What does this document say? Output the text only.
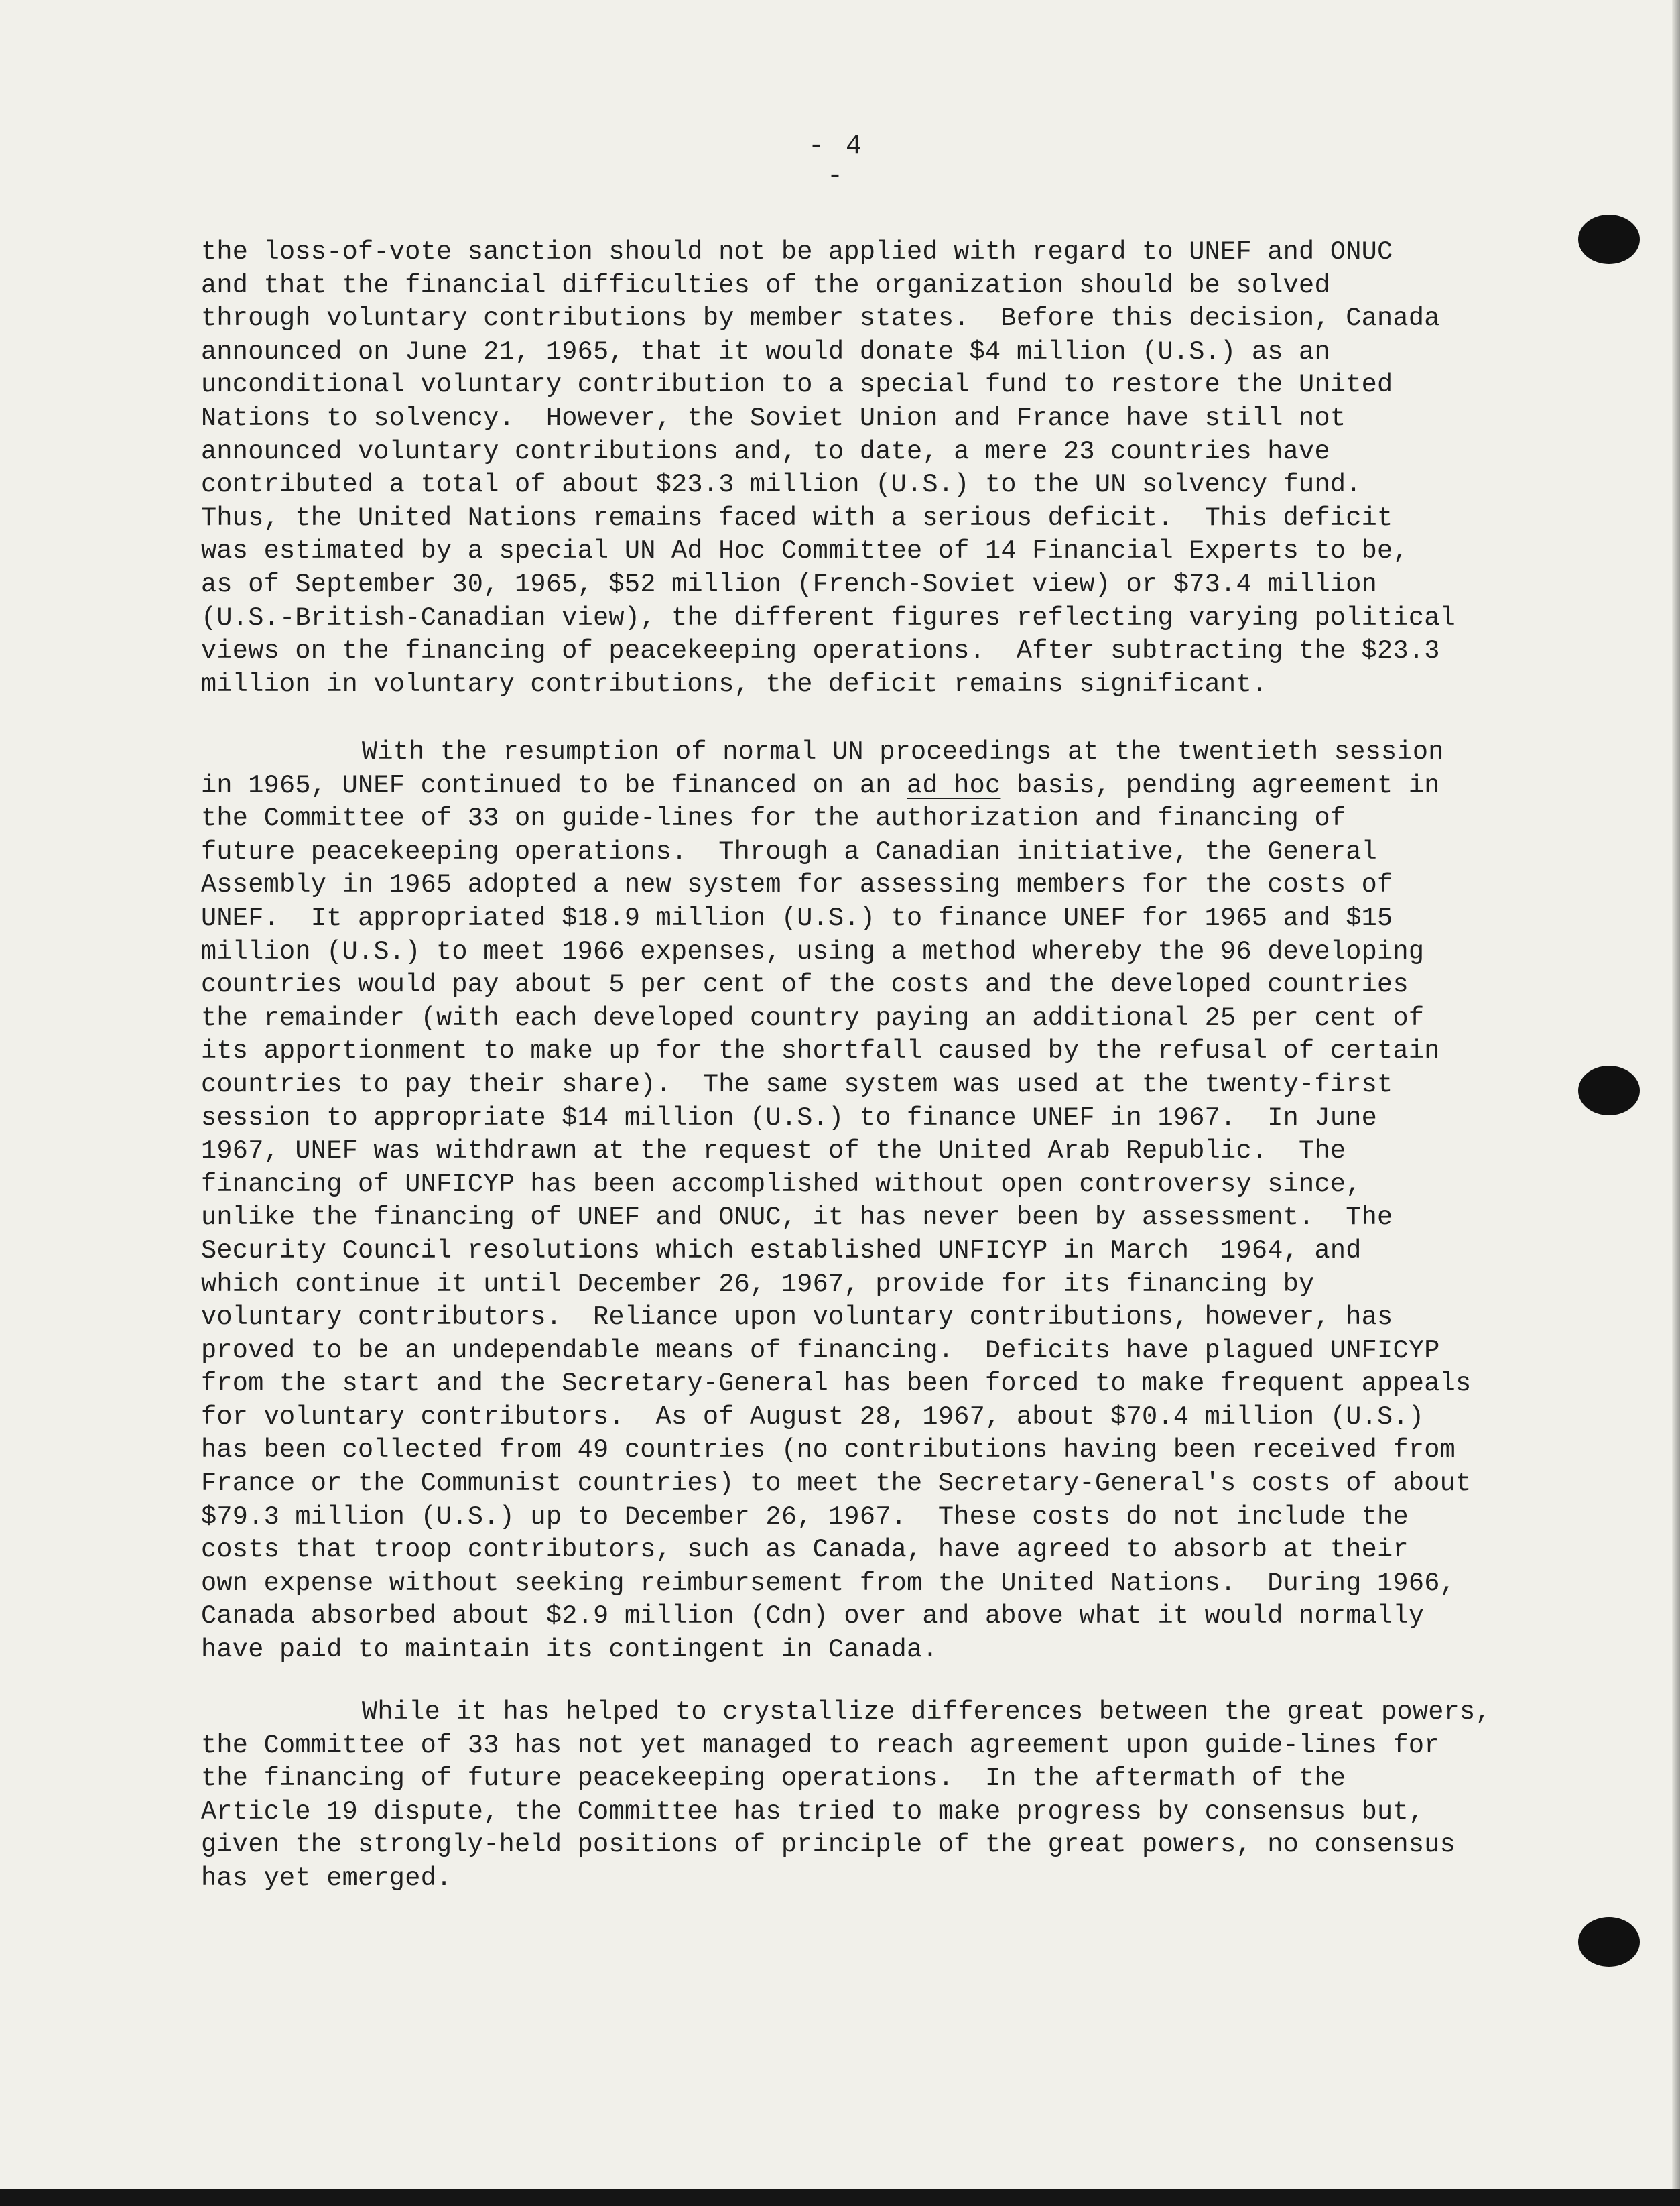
- 4 -
the loss-of-vote sanction should not be applied with regard to UNEF and ONUC
and that the financial difficulties of the organization should be solved
through voluntary contributions by member states.  Before this decision, Canada
announced on June 21, 1965, that it would donate $4 million (U.S.) as an
unconditional voluntary contribution to a special fund to restore the United
Nations to solvency.  However, the Soviet Union and France have still not
announced voluntary contributions and, to date, a mere 23 countries have
contributed a total of about $23.3 million (U.S.) to the UN solvency fund.
Thus, the United Nations remains faced with a serious deficit.  This deficit
was estimated by a special UN Ad Hoc Committee of 14 Financial Experts to be,
as of September 30, 1965, $52 million (French-Soviet view) or $73.4 million
(U.S.-British-Canadian view), the different figures reflecting varying political
views on the financing of peacekeeping operations.  After subtracting the $23.3
million in voluntary contributions, the deficit remains significant.
With the resumption of normal UN proceedings at the twentieth session
in 1965, UNEF continued to be financed on an ad hoc basis, pending agreement in
the Committee of 33 on guide-lines for the authorization and financing of
future peacekeeping operations.  Through a Canadian initiative, the General
Assembly in 1965 adopted a new system for assessing members for the costs of
UNEF.  It appropriated $18.9 million (U.S.) to finance UNEF for 1965 and $15
million (U.S.) to meet 1966 expenses, using a method whereby the 96 developing
countries would pay about 5 per cent of the costs and the developed countries
the remainder (with each developed country paying an additional 25 per cent of
its apportionment to make up for the shortfall caused by the refusal of certain
countries to pay their share).  The same system was used at the twenty-first
session to appropriate $14 million (U.S.) to finance UNEF in 1967.  In June
1967, UNEF was withdrawn at the request of the United Arab Republic.  The
financing of UNFICYP has been accomplished without open controversy since,
unlike the financing of UNEF and ONUC, it has never been by assessment.  The
Security Council resolutions which established UNFICYP in March  1964, and
which continue it until December 26, 1967, provide for its financing by
voluntary contributors.  Reliance upon voluntary contributions, however, has
proved to be an undependable means of financing.  Deficits have plagued UNFICYP
from the start and the Secretary-General has been forced to make frequent appeals
for voluntary contributors.  As of August 28, 1967, about $70.4 million (U.S.)
has been collected from 49 countries (no contributions having been received from
France or the Communist countries) to meet the Secretary-General's costs of about
$79.3 million (U.S.) up to December 26, 1967.  These costs do not include the
costs that troop contributors, such as Canada, have agreed to absorb at their
own expense without seeking reimbursement from the United Nations.  During 1966,
Canada absorbed about $2.9 million (Cdn) over and above what it would normally
have paid to maintain its contingent in Canada.
While it has helped to crystallize differences between the great powers,
the Committee of 33 has not yet managed to reach agreement upon guide-lines for
the financing of future peacekeeping operations.  In the aftermath of the
Article 19 dispute, the Committee has tried to make progress by consensus but,
given the strongly-held positions of principle of the great powers, no consensus
has yet emerged.
